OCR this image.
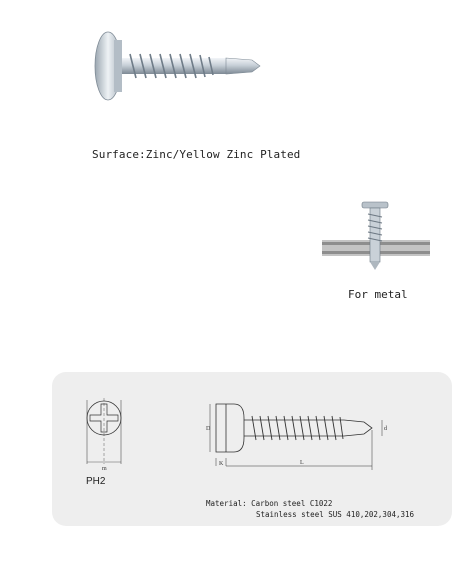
Surface:Zinc/Yellow Zinc Plated
For metal
m
PH2
D
K	L
d
Material: Carbon steel C1022
Stainless steel SUS 410,202,304,316
